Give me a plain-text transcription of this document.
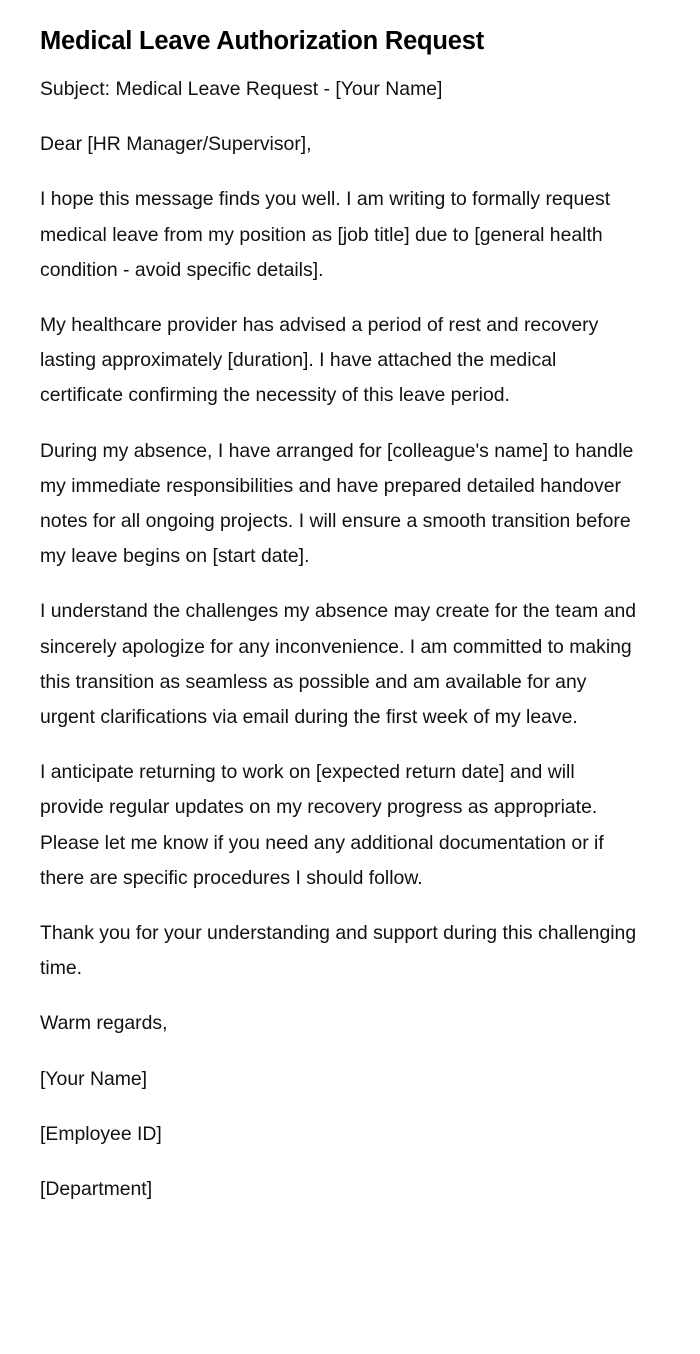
Medical Leave Authorization Request

Subject: Medical Leave Request - [Your Name]

Dear [HR Manager/Supervisor],

I hope this message finds you well. I am writing to formally request medical leave from my position as [job title] due to [general health condition - avoid specific details].

My healthcare provider has advised a period of rest and recovery lasting approximately [duration]. I have attached the medical certificate confirming the necessity of this leave period.

During my absence, I have arranged for [colleague's name] to handle my immediate responsibilities and have prepared detailed handover notes for all ongoing projects. I will ensure a smooth transition before my leave begins on [start date].

I understand the challenges my absence may create for the team and sincerely apologize for any inconvenience. I am committed to making this transition as seamless as possible and am available for any urgent clarifications via email during the first week of my leave.

I anticipate returning to work on [expected return date] and will provide regular updates on my recovery progress as appropriate. Please let me know if you need any additional documentation or if there are specific procedures I should follow.

Thank you for your understanding and support during this challenging time.

Warm regards,

[Your Name]

[Employee ID]

[Department]
